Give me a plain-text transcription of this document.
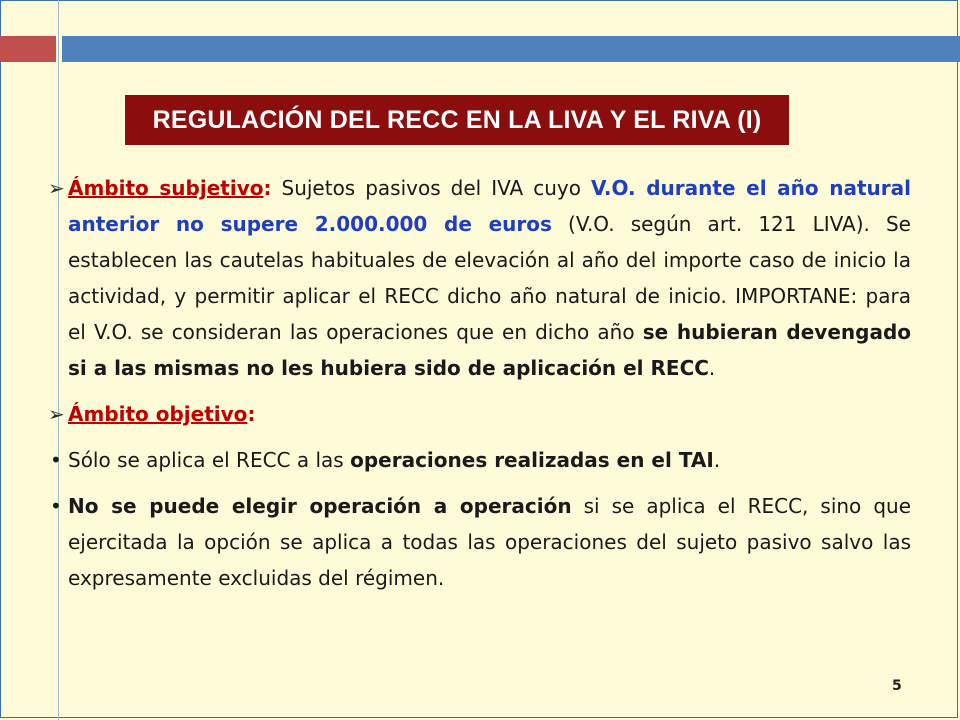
REGULACIÓN DEL RECC EN LA LIVA Y EL RIVA (I)
➢ Ámbito subjetivo: Sujetos pasivos del IVA cuyo V.O. durante el año natural anterior no supere 2.000.000 de euros (V.O. según art. 121 LIVA). Se establecen las cautelas habituales de elevación al año del importe caso de inicio la actividad, y permitir aplicar el RECC dicho año natural de inicio. IMPORTANE: para el V.O. se consideran las operaciones que en dicho año se hubieran devengado si a las mismas no les hubiera sido de aplicación el RECC.
➢ Ámbito objetivo:
• Sólo se aplica el RECC a las operaciones realizadas en el TAI.
• No se puede elegir operación a operación si se aplica el RECC, sino que ejercitada la opción se aplica a todas las operaciones del sujeto pasivo salvo las expresamente excluidas del régimen.
5
